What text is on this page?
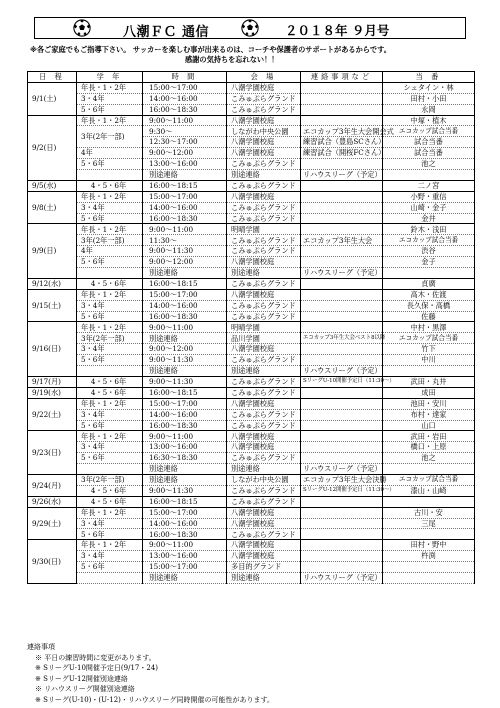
八潮ＦＣ 通信	２０１８年 ９月号
※各ご家庭でもご指導下さい。 サッカーを楽しむ事が出来るのは、コーチや保護者のサポートがあるからです。
感謝の気持ちを忘れない！！
日 程	学 年	時 間	会 場	連絡事項など	当 番
9/1(土)	年長・1・2年	15:00～17:00	八潮学園校庭		シュタイン・林
	3・4年	14:00～16:00	こみゅぷらグランド		田村・小田
	5・6年	16:00～18:30	こみゅぷらグランド		永岡
9/2(日)	年長・1・2年	9:00～11:00	八潮学園校庭		中塚・植木
	3年(2年一部)	9:30～	しながわ中央公園	エコカップ3年生大会開会式	エコカップ試合当番
		12:30～17:00	八潮学園校庭	練習試合（豊島SCさん）	試合当番
	4年	9:00～12:00	八潮学園校庭	練習試合（開桜FCさん）	試合当番
	5・6年	13:00～16:00	こみゅぷらグランド		池之
		別途連絡	別途連絡	リハウスリーグ（予定）	
9/5(水)	4・5・6年	16:00～18:15	こみゅぷらグランド		二ノ宮
9/8(土)	年長・1・2年	15:00～17:00	八潮学園校庭		小野・重信
	3・4年	14:00～16:00	こみゅぷらグランド		山崎・金子
	5・6年	16:00～18:30	こみゅぷらグランド		金井
9/9(日)	年長・1・2年	9:00～11:00	明晴学園		鈴木・浅田
	3年(2年一部)	11:30～	こみゅぷらグランド	エコカップ3年生大会	エコカップ試合当番
	4年	9:00～11:30	こみゅぷらグランド		渋谷
	5・6年	9:00～12:00	八潮学園校庭		金子
		別途連絡	別途連絡	リハウスリーグ（予定）	
9/12(水)	4・5・6年	16:00～18:15	こみゅぷらグランド		貞廣
9/15(土)	年長・1・2年	15:00～17:00	八潮学園校庭		高木・佐渡
	3・4年	14:00～16:00	こみゅぷらグランド		長久保・高橋
	5・6年	16:00～18:30	こみゅぷらグランド		佐藤
9/16(日)	年長・1・2年	9:00～11:00	明晴学園		中村・黒澤
	3年(2年一部)	別途連絡	品川学園	エコカップ3年生大会ベスト8以降	エコカップ試合当番
	3・4年	9:00～12:00	八潮学園校庭		竹下
	5・6年	9:00～11:30	こみゅぷらグランド		中川
		別途連絡	別途連絡	リハウスリーグ（予定）	
9/17(月)	4・5・6年	9:00～11:30	こみゅぷらグランド	SリーグU-10開催予定日（11:30～）	武田・丸井
9/19(水)	4・5・6年	16:00～18:15	こみゅぷらグランド		成田
9/22(土)	年長・1・2年	15:00～17:00	八潮学園校庭		池田・安川
	3・4年	14:00～16:00	こみゅぷらグランド		布村・達家
	5・6年	16:00～18:30	こみゅぷらグランド		山口
9/23(日)	年長・1・2年	9:00～11:00	八潮学園校庭		武田・岩田
	3・4年	13:00～16:00	八潮学園校庭		橋口・上原
	5・6年	16:30～18:30	こみゅぷらグランド		池之
		別途連絡	別途連絡	リハウスリーグ（予定）	
9/24(月)	3年(2年一部)	別途連絡	しながわ中央公園	エコカップ3年生大会決勝	エコカップ試合当番
	4・5・6年	9:00～11:30	こみゅぷらグランド	SリーグU-12開催予定日（11:30～）	漆山・山崎
9/26(水)	4・5・6年	16:00～18:15	こみゅぷらグランド		
9/29(土)	年長・1・2年	15:00～17:00	八潮学園校庭		古川・安
	3・4年	14:00～16:00	八潮学園校庭		三尾
	5・6年	16:00～18:30	こみゅぷらグランド		
9/30(日)	年長・1・2年	9:00～11:00	八潮学園校庭		田村・野中
	3・4年	13:00～16:00	八潮学園校庭		杵渕
	5・6年	15:00～17:00	多目的グランド		
		別途連絡	別途連絡	リハウスリーグ（予定）	
連絡事項
※ 平日の練習時間に変更があります。
※ SリーグU-10開催予定日(9/17・24)
※ SリーグU-12開催別途連絡
※ リハウスリーグ開催別途連絡
※ Sリーグ(U-10)・(U-12)・リハウスリーグ同時開催の可能性があります。
